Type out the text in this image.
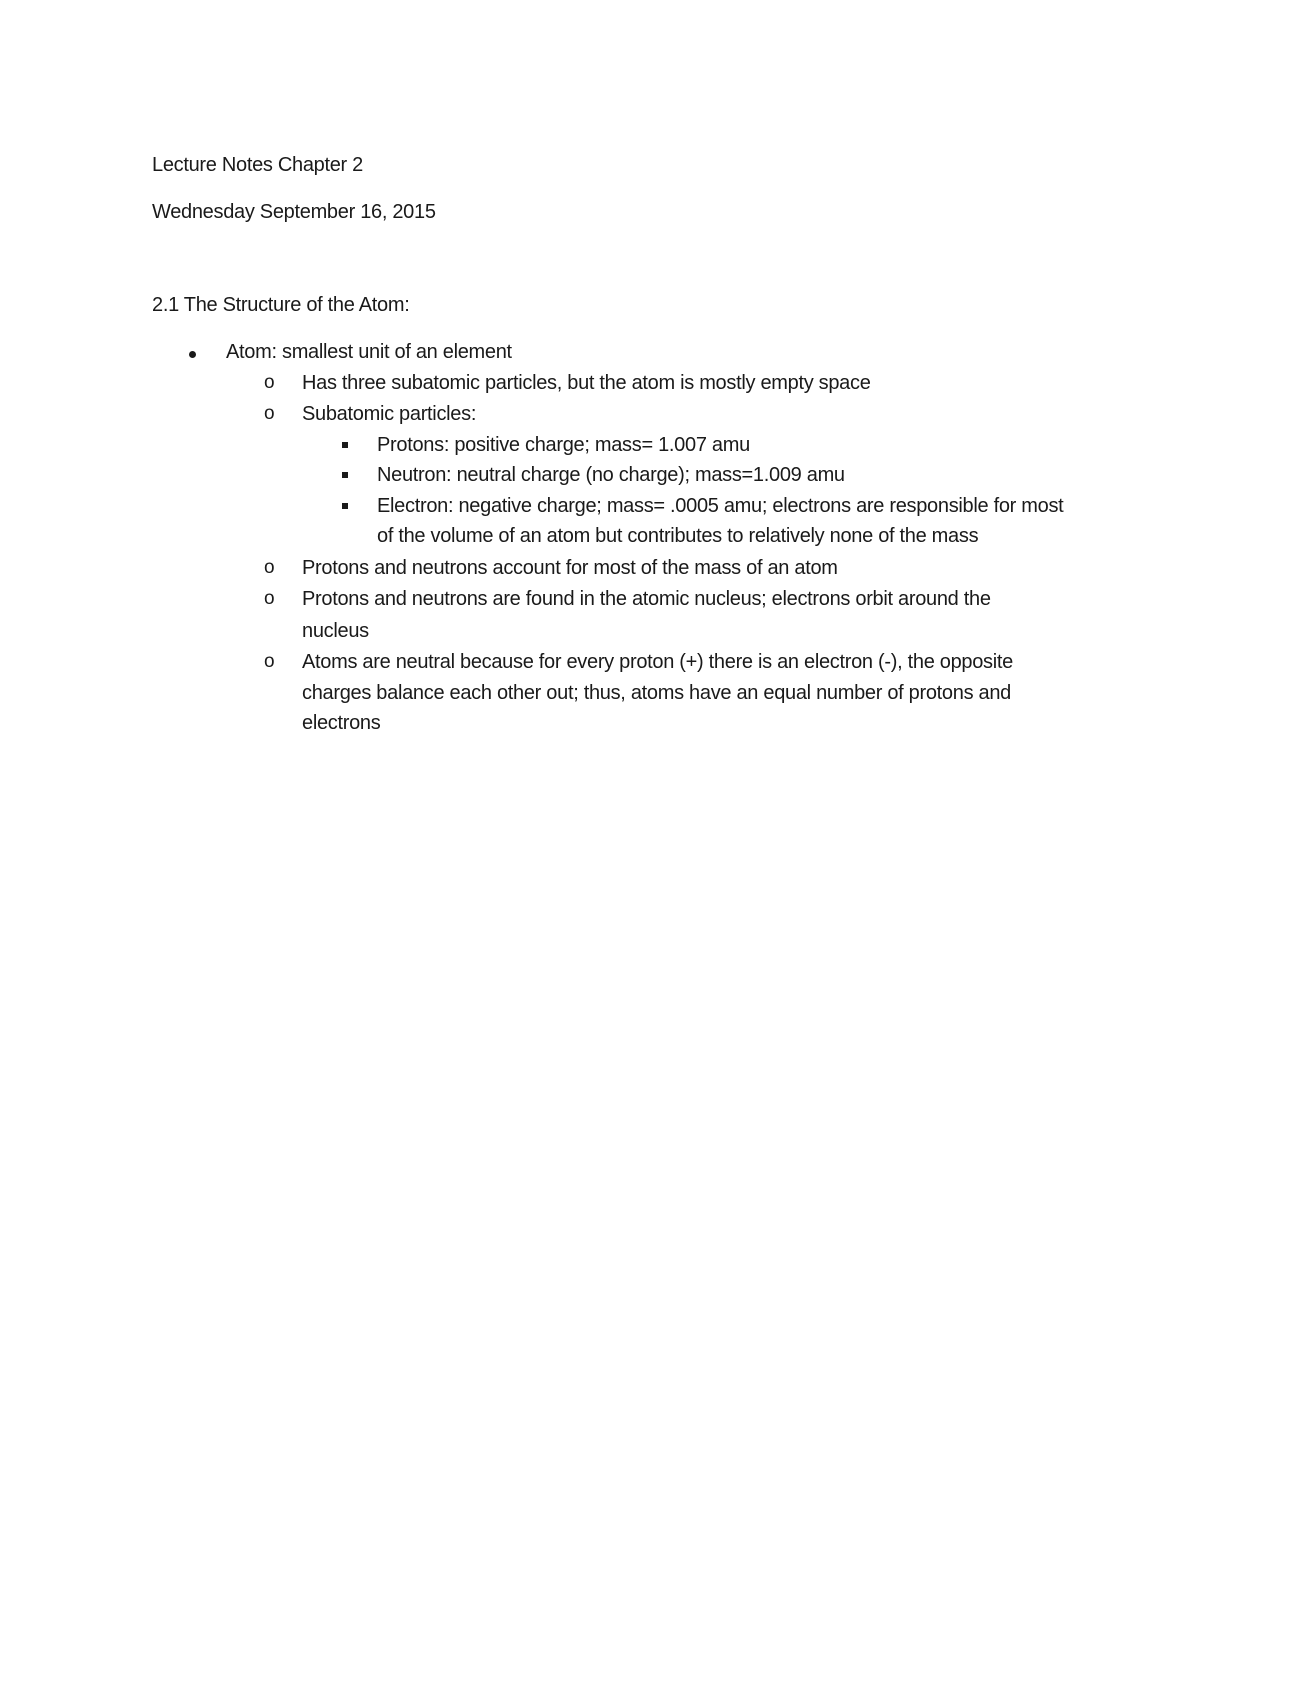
Lecture Notes Chapter 2
Wednesday September 16, 2015
2.1 The Structure of the Atom:
Atom: smallest unit of an element
o Has three subatomic particles, but the atom is mostly empty space
o Subatomic particles:
Protons: positive charge; mass= 1.007 amu
Neutron: neutral charge (no charge); mass=1.009 amu
Electron: negative charge; mass= .0005 amu; electrons are responsible for most
of the volume of an atom but contributes to relatively none of the mass
o Protons and neutrons account for most of the mass of an atom
o Protons and neutrons are found in the atomic nucleus; electrons orbit around the
nucleus
o Atoms are neutral because for every proton (+) there is an electron (-), the opposite
charges balance each other out; thus, atoms have an equal number of protons and
electrons
